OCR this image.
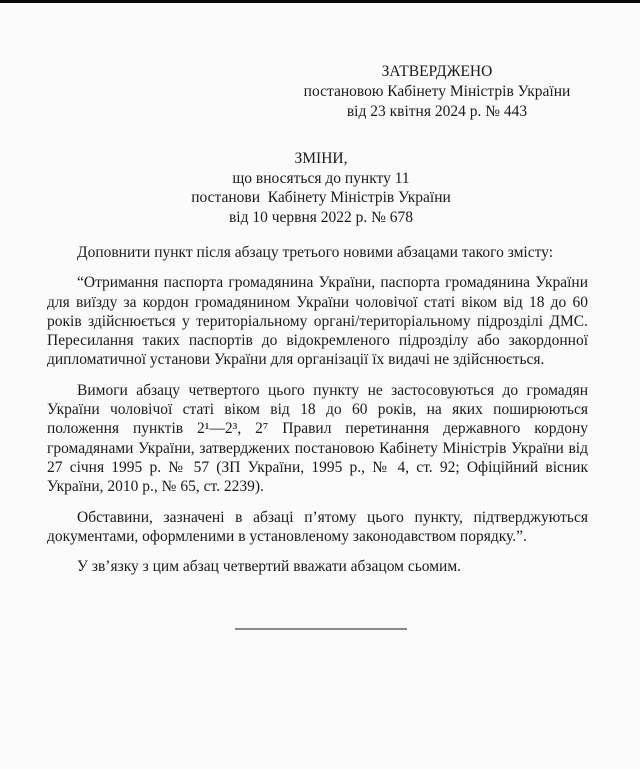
ЗАТВЕРДЖЕНО
постановою Кабінету Міністрів України
від 23 квітня 2024 р. № 443
ЗМІНИ,
що вносяться до пункту 11
постанови  Кабінету Міністрів України
від 10 червня 2022 р. № 678

Доповнити пункт після абзацу третього новими абзацами такого змісту:

“Отримання паспорта громадянина України, паспорта громадянина України для виїзду за кордон громадянином України чоловічої статі віком від 18 до 60 років здійснюється у територіальному органі/територіальному підрозділі ДМС. Пересилання таких паспортів до відокремленого підрозділу або закордонної дипломатичної установи України для організації їх видачі не здійснюється.

Вимоги абзацу четвертого цього пункту не застосовуються до громадян України чоловічої статі віком від 18 до 60 років, на яких поширюються положення пунктів 2¹—2³, 2⁷ Правил перетинання державного кордону громадянами України, затверджених постановою Кабінету Міністрів України від 27 січня 1995 р. № 57 (ЗП України, 1995 р., № 4, ст. 92; Офіційний вісник України, 2010 р., № 65, ст. 2239).

Обставини, зазначені в абзаці п’ятому цього пункту, підтверджуються документами, оформленими в установленому законодавством порядку.”.

У зв’язку з цим абзац четвертий вважати абзацом сьомим.
